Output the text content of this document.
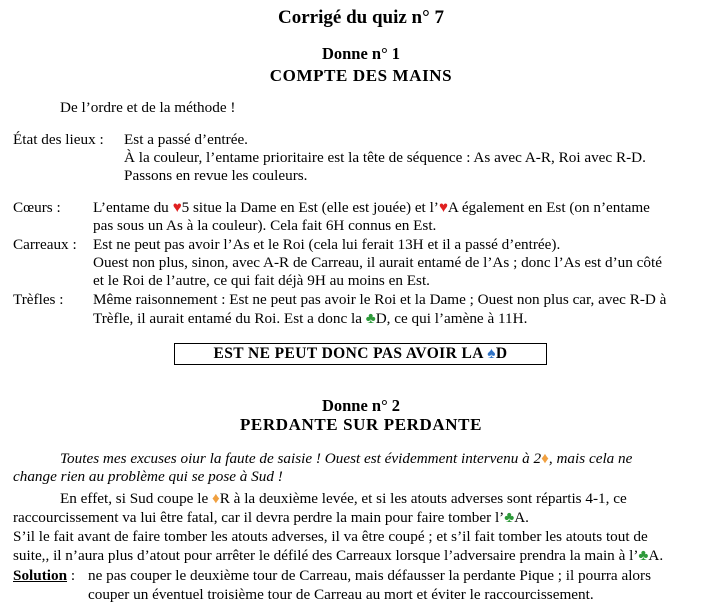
Corrigé du quiz n° 7
Donne n° 1
COMPTE DES MAINS
De l’ordre et de la méthode !
État des lieux : Est a passé d’entrée.
À la couleur, l’entame prioritaire est la tête de séquence : As avec A-R, Roi avec R-D.
Passons en revue les couleurs.
Cœurs : L’entame du ♥5 situe la Dame en Est (elle est jouée) et l’♥A également en Est (on n’entame
pas sous un As à la couleur). Cela fait 6H connus en Est.
Carreaux : Est ne peut pas avoir l’As et le Roi (cela lui ferait 13H et il a passé d’entrée).
Ouest non plus, sinon, avec A-R de Carreau, il aurait entamé de l’As ; donc l’As est d’un côté
et le Roi de l’autre, ce qui fait déjà 9H au moins en Est.
Trèfles : Même raisonnement : Est ne peut pas avoir le Roi et la Dame ; Ouest non plus car, avec R-D à
Trèfle, il aurait entamé du Roi. Est a donc la ♣D, ce qui l’amène à 11H.
EST NE PEUT DONC PAS AVOIR LA ♠D
Donne n° 2
PERDANTE SUR PERDANTE
Toutes mes excuses oiur la faute de saisie ! Ouest est évidemment intervenu à 2♦, mais cela ne
change rien au problème qui se pose à Sud !
En effet, si Sud coupe le ♦R à la deuxième levée, et si les atouts adverses sont répartis 4-1, ce
raccourcissement va lui être fatal, car il devra perdre la main pour faire tomber l’♣A.
S’il le fait avant de faire tomber les atouts adverses, il va être coupé ; et s’il fait tomber les atouts tout de
suite,, il n’aura plus d’atout pour arrêter le défilé des Carreaux lorsque l’adversaire prendra la main à l’♣A.
Solution : ne pas couper le deuxième tour de Carreau, mais défausser la perdante Pique ; il pourra alors
couper un éventuel troisième tour de Carreau au mort et éviter le raccourcissement.
